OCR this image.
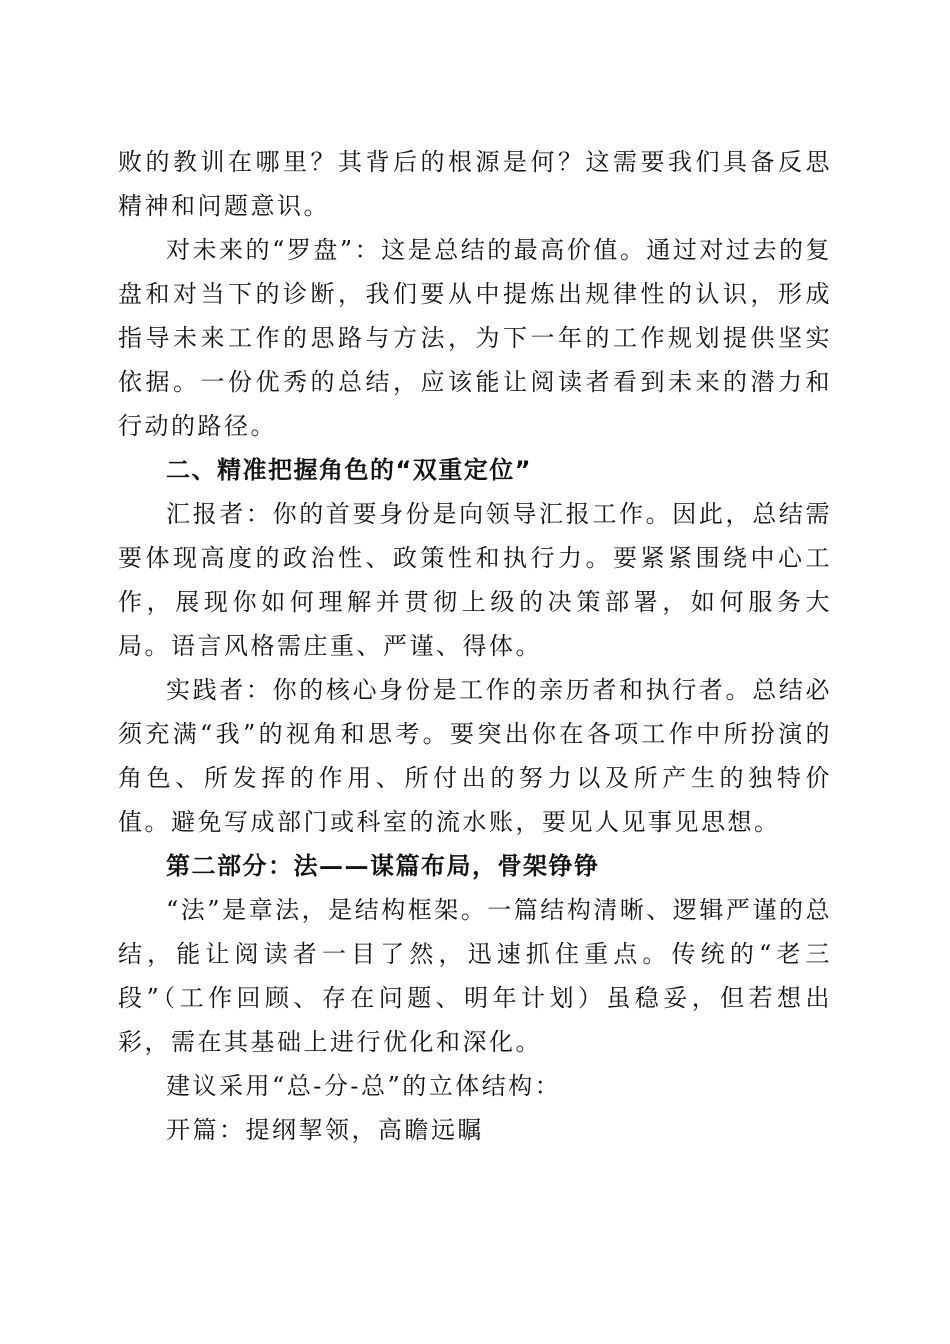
败的教训在哪里？其背后的根源是何？这需要我们具备反思精神和问题意识。

对未来的“罗盘”：这是总结的最高价值。通过对过去的复盘和对当下的诊断，我们要从中提炼出规律性的认识，形成指导未来工作的思路与方法，为下一年的工作规划提供坚实依据。一份优秀的总结，应该能让阅读者看到未来的潜力和行动的路径。

二、精准把握角色的“双重定位”

汇报者：你的首要身份是向领导汇报工作。因此，总结需要体现高度的政治性、政策性和执行力。要紧紧围绕中心工作，展现你如何理解并贯彻上级的决策部署，如何服务大局。语言风格需庄重、严谨、得体。

实践者：你的核心身份是工作的亲历者和执行者。总结必须充满“我”的视角和思考。要突出你在各项工作中所扮演的角色、所发挥的作用、所付出的努力以及所产生的独特价值。避免写成部门或科室的流水账，要见人见事见思想。

第二部分：法——谋篇布局，骨架铮铮

“法”是章法，是结构框架。一篇结构清晰、逻辑严谨的总结，能让阅读者一目了然，迅速抓住重点。传统的“老三段”（工作回顾、存在问题、明年计划）虽稳妥，但若想出彩，需在其基础上进行优化和深化。

建议采用“总-分-总”的立体结构：

开篇：提纲挈领，高瞻远瞩
